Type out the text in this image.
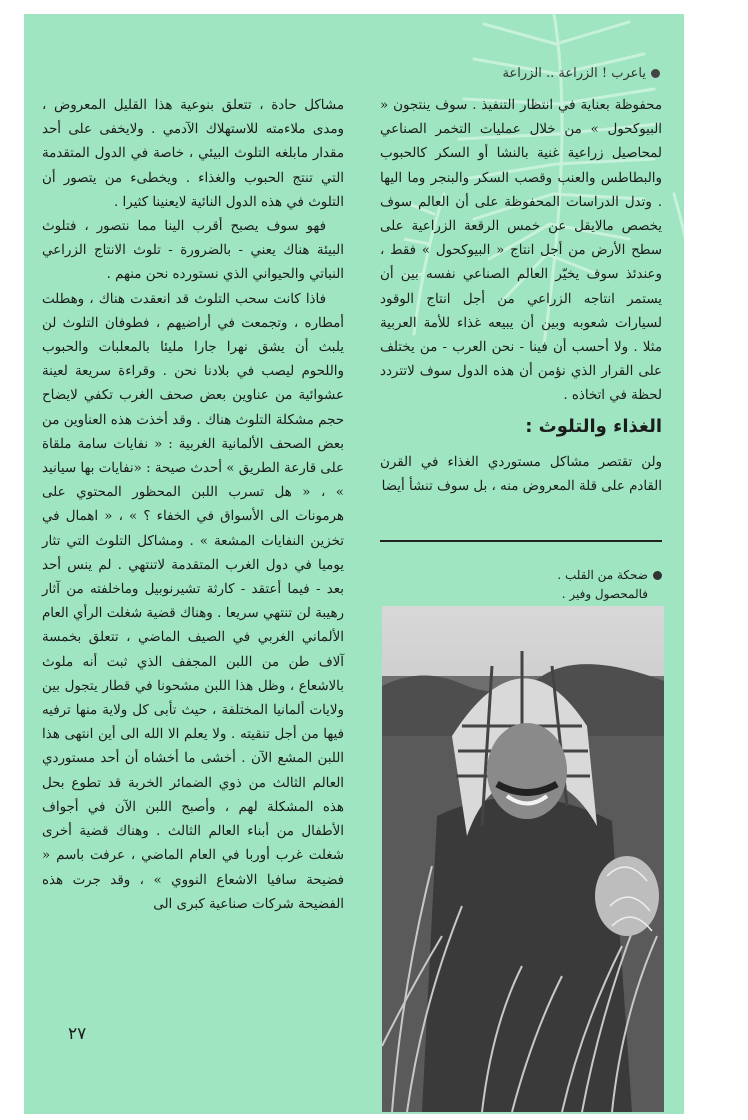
ياعرب ! الزراعة .. الزراعة

محفوظة بعناية في انتظار التنفيذ . سوف ينتجون « البيوكحول » من خلال عمليات التخمر الصناعي لمحاصيل زراعية غنية بالنشا أو السكر كالحبوب والبطاطس والعنب وقصب السكر والبنجر وما اليها . وتدل الدراسات المحفوظة على أن العالم سوف يخصص مالايقل عن خمس الرقعة الزراعية على سطح الأرض من أجل انتاج « البيوكحول » فقط ، وعندئذ سوف يخيّر العالم الصناعي نفسه بين أن يستمر انتاجه الزراعي من أجل انتاج الوقود لسيارات شعوبه وبين أن يبيعه غذاء للأمة العربية مثلا . ولا أحسب أن فينا - نحن العرب - من يختلف على القرار الذي نؤمن أن هذه الدول سوف لاتتردد لحظة في اتخاذه .

الغذاء والتلوث :

ولن تقتصر مشاكل مستوردي الغذاء في القرن القادم على قلة المعروض منه ، بل سوف تنشأ أيضا

ضحكة من القلب .
فالمحصول وفير .

مشاكل حادة ، تتعلق بنوعية هذا القليل المعروض ، ومدى ملاءمته للاستهلاك الآدمي . ولايخفى على أحد مقدار مابلغه التلوث البيئي ، خاصة في الدول المتقدمة التي تنتج الحبوب والغذاء . ويخطىء من يتصور أن التلوث في هذه الدول النائية لايعنينا كثيرا .

فهو سوف يصبح أقرب الينا مما نتصور ، فتلوث البيئة هناك يعني - بالضرورة - تلوث الانتاج الزراعي النباتي والحيواني الذي نستورده نحن منهم .

فاذا كانت سحب التلوث قد انعقدت هناك ، وهطلت أمطاره ، وتجمعت في أراضيهم ، فطوفان التلوث لن يلبث أن يشق نهرا جارا مليئا بالمعلبات والحبوب واللحوم ليصب في بلادنا نحن . وقراءة سريعة لعينة عشوائية من عناوين بعض صحف الغرب تكفي لايضاح حجم مشكلة التلوث هناك . وقد أخذت هذه العناوين من بعض الصحف الألمانية الغربية : « نفايات سامة ملقاة على قارعة الطريق » أحدث صيحة : «نفايات بها سيانيد » ، « هل تسرب اللبن المحظور المحتوي على هرمونات الى الأسواق في الخفاء ؟ » ، « اهمال في تخزين النفايات المشعة » . ومشاكل التلوث التي تثار يوميا في دول الغرب المتقدمة لاتنتهي . لم ينس أحد بعد - فيما أعتقد - كارثة تشيرنوبيل وماخلفته من آثار رهيبة لن تنتهي سريعا . وهناك قضية شغلت الرأي العام الألماني الغربي في الصيف الماضي ، تتعلق بخمسة آلاف طن من اللبن المجفف الذي ثبت أنه ملوث بالاشعاع ، وظل هذا اللبن مشحونا في قطار يتجول بين ولايات ألمانيا المختلفة ، حيث تأبى كل ولاية منها ترفيه فيها من أجل تنقيته . ولا يعلم الا الله الى أين انتهى هذا اللبن المشع الآن . أخشى ما أخشاه أن أحد مستوردي العالم الثالث من ذوي الضمائر الخربة قد تطوع بحل هذه المشكلة لهم ، وأصبح اللبن الآن في أجواف الأطفال من أبناء العالم الثالث . وهناك قضية أخرى شغلت غرب أوربا في العام الماضي ، عرفت باسم « فضيحة سافيا الاشعاع النووي » ، وقد جرت هذه الفضيحة شركات صناعية كبرى الى

٢٧
